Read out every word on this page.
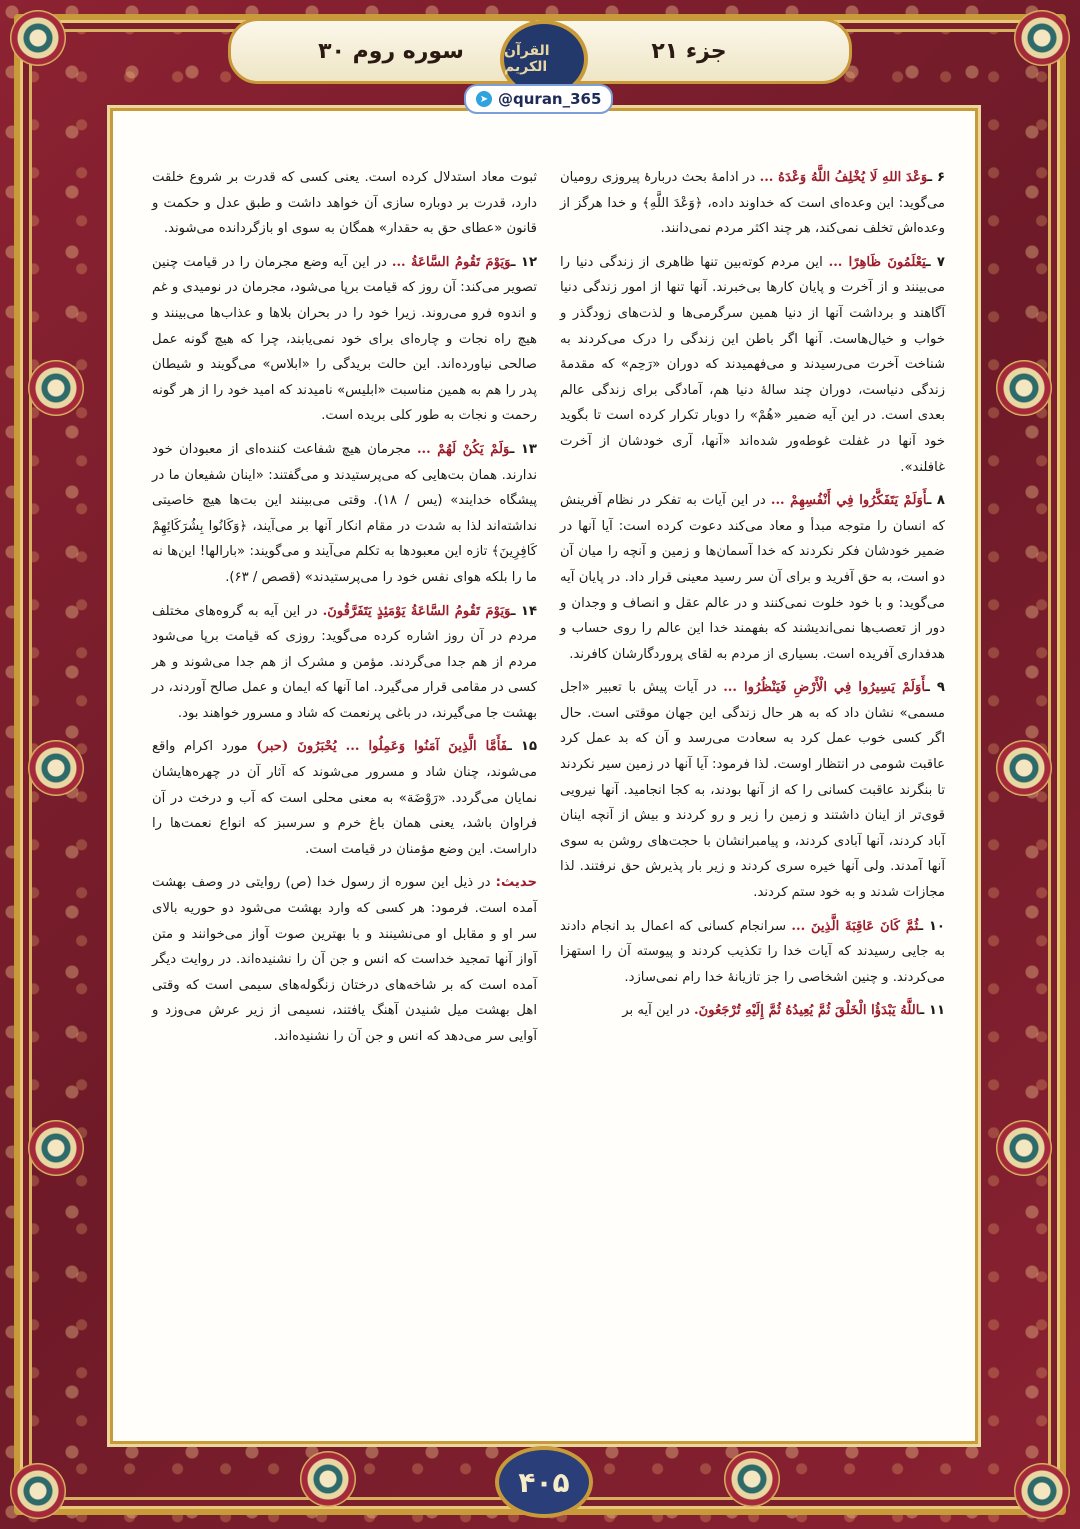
سوره روم ۳۰	جزء ۲۱
القرآن الكريم
➤ @quran_365

۶ ـوَعْدَ اللهِ لَا يُخْلِفُ اللَّهُ وَعْدَهُ ... در ادامهٔ بحث دربارهٔ پیروزی رومیان می‌گوید: این وعده‌ای است که خداوند داده، ﴿وَعْدَ اللَّهِ﴾ و خدا هرگز از وعده‌اش تخلف نمی‌کند، هر چند اکثر مردم نمی‌دانند.

۷ ـيَعْلَمُونَ ظَاهِرًا ... این مردم کوته‌بین تنها ظاهری از زندگی دنیا را می‌بینند و از آخرت و پایان کارها بی‌خبرند. آنها تنها از امور زندگی دنیا آگاهند و برداشت آنها از دنیا همین سرگرمی‌ها و لذت‌های زودگذر و خواب و خیال‌هاست. آنها اگر باطن این زندگی را درک می‌کردند به شناخت آخرت می‌رسیدند و می‌فهمیدند که دوران «رَحِم» که مقدمهٔ زندگی دنیاست، دوران چند سالهٔ دنیا هم، آمادگی برای زندگی عالم بعدی است. در این آیه ضمیر «هُمْ» را دوبار تکرار کرده است تا بگوید خود آنها در غفلت غوطه‌ور شده‌اند «آنها، آری خودشان از آخرت غافلند».

۸ ـأَوَلَمْ يَتَفَكَّرُوا فِي أَنْفُسِهِمْ ... در این آیات به تفکر در نظام آفرینش که انسان را متوجه مبدأ و معاد می‌کند دعوت کرده است: آیا آنها در ضمیر خودشان فکر نکردند که خدا آسمان‌ها و زمین و آنچه را میان آن دو است، به حق آفرید و برای آن سر رسید معینی قرار داد. در پایان آیه می‌گوید: و با خود خلوت نمی‌کنند و در عالم عقل و انصاف و وجدان و دور از تعصب‌ها نمی‌اندیشند که بفهمند خدا این عالم را روی حساب و هدفداری آفریده است. بسیاری از مردم به لقای پروردگارشان کافرند.

۹ ـأَوَلَمْ يَسِيرُوا فِي الْأَرْضِ فَيَنْظُرُوا ... در آیات پیش با تعبیر «اجل مسمی» نشان داد که به هر حال زندگی این جهان موقتی است. حال اگر کسی خوب عمل کرد به سعادت می‌رسد و آن که بد عمل کرد عاقبت شومی در انتظار اوست. لذا فرمود: آیا آنها در زمین سیر نکردند تا بنگرند عاقبت کسانی را که از آنها بودند، به کجا انجامید. آنها نیرویی قوی‌تر از اینان داشتند و زمین را زیر و رو کردند و بیش از آنچه اینان آباد کردند، آنها آبادی کردند، و پیامبرانشان با حجت‌های روشن به سوی آنها آمدند. ولی آنها خیره سری کردند و زیر بار پذیرش حق نرفتند. لذا مجازات شدند و به خود ستم کردند.

۱۰ ـثُمَّ كَانَ عَاقِبَةَ الَّذِينَ ... سرانجام کسانی که اعمال بد انجام دادند به جایی رسیدند که آیات خدا را تکذیب کردند و پیوسته آن را استهزا می‌کردند. و چنین اشخاصی را جز تازیانهٔ خدا رام نمی‌سازد.

۱۱ ـاللَّهُ يَبْدَؤُا الْخَلْقَ ثُمَّ يُعِيدُهُ ثُمَّ إِلَيْهِ تُرْجَعُونَ. در این آیه بر

ثبوت معاد استدلال کرده است. یعنی کسی که قدرت بر شروع خلقت دارد، قدرت بر دوباره سازی آن خواهد داشت و طبق عدل و حکمت و قانون «عطای حق به حقدار» همگان به سوی او بازگردانده می‌شوند.

۱۲ ـوَيَوْمَ تَقُومُ السَّاعَةُ ... در این آیه وضع مجرمان را در قیامت چنین تصویر می‌کند: آن روز که قیامت برپا می‌شود، مجرمان در نومیدی و غم و اندوه فرو می‌روند. زیرا خود را در بحران بلاها و عذاب‌ها می‌بینند و هیچ راه نجات و چاره‌ای برای خود نمی‌یابند، چرا که هیچ گونه عمل صالحی نیاورده‌اند. این حالت بریدگی را «ابلاس» می‌گویند و شیطان پدر را هم به همین مناسبت «ابلیس» نامیدند که امید خود را از هر گونه رحمت و نجات به طور کلی بریده است.

۱۳ ـوَلَمْ يَكُنْ لَهُمْ ... مجرمان هیچ شفاعت کننده‌ای از معبودان خود ندارند. همان بت‌هایی که می‌پرستیدند و می‌گفتند: «اینان شفیعان ما در پیشگاه خدایند» (یس / ۱۸). وقتی می‌بینند این بت‌ها هیچ خاصیتی نداشته‌اند لذا به شدت در مقام انکار آنها بر می‌آیند، ﴿وَكَانُوا بِشُرَكَائِهِمْ كَافِرِينَ﴾ تازه این معبودها به تکلم می‌آیند و می‌گویند: «بارالها! این‌ها نه ما را بلکه هوای نفس خود را می‌پرستیدند» (قصص / ۶۳).

۱۴ ـوَيَوْمَ تَقُومُ السَّاعَةُ يَوْمَئِذٍ يَتَفَرَّقُونَ. در این آیه به گروه‌های مختلف مردم در آن روز اشاره کرده می‌گوید: روزی که قیامت برپا می‌شود مردم از هم جدا می‌گردند. مؤمن و مشرک از هم جدا می‌شوند و هر کسی در مقامی قرار می‌گیرد. اما آنها که ایمان و عمل صالح آوردند، در بهشت جا می‌گیرند، در باغی پرنعمت که شاد و مسرور خواهند بود.

۱۵ ـفَأَمَّا الَّذِينَ آمَنُوا وَعَمِلُوا ... يُحْبَرُونَ (حبر) مورد اکرام واقع می‌شوند، چنان شاد و مسرور می‌شوند که آثار آن در چهره‌هایشان نمایان می‌گردد. «رَوْضَة» به معنی محلی است که آب و درخت در آن فراوان باشد، یعنی همان باغ خرم و سرسبز که انواع نعمت‌ها را داراست. این وضع مؤمنان در قیامت است.

حدیث: در ذیل این سوره از رسول خدا (ص) روایتی در وصف بهشت آمده است. فرمود: هر کسی که وارد بهشت می‌شود دو حوریه بالای سر او و مقابل او می‌نشینند و با بهترین صوت آواز می‌خوانند و متن آواز آنها تمجید خداست که انس و جن آن را نشنیده‌اند. در روایت دیگر آمده است که بر شاخه‌های درختان زنگوله‌های سیمی است که وقتی اهل بهشت میل شنیدن آهنگ یافتند، نسیمی از زیر عرش می‌وزد و آوایی سر می‌دهد که انس و جن آن را نشنیده‌اند.

۴۰۵
